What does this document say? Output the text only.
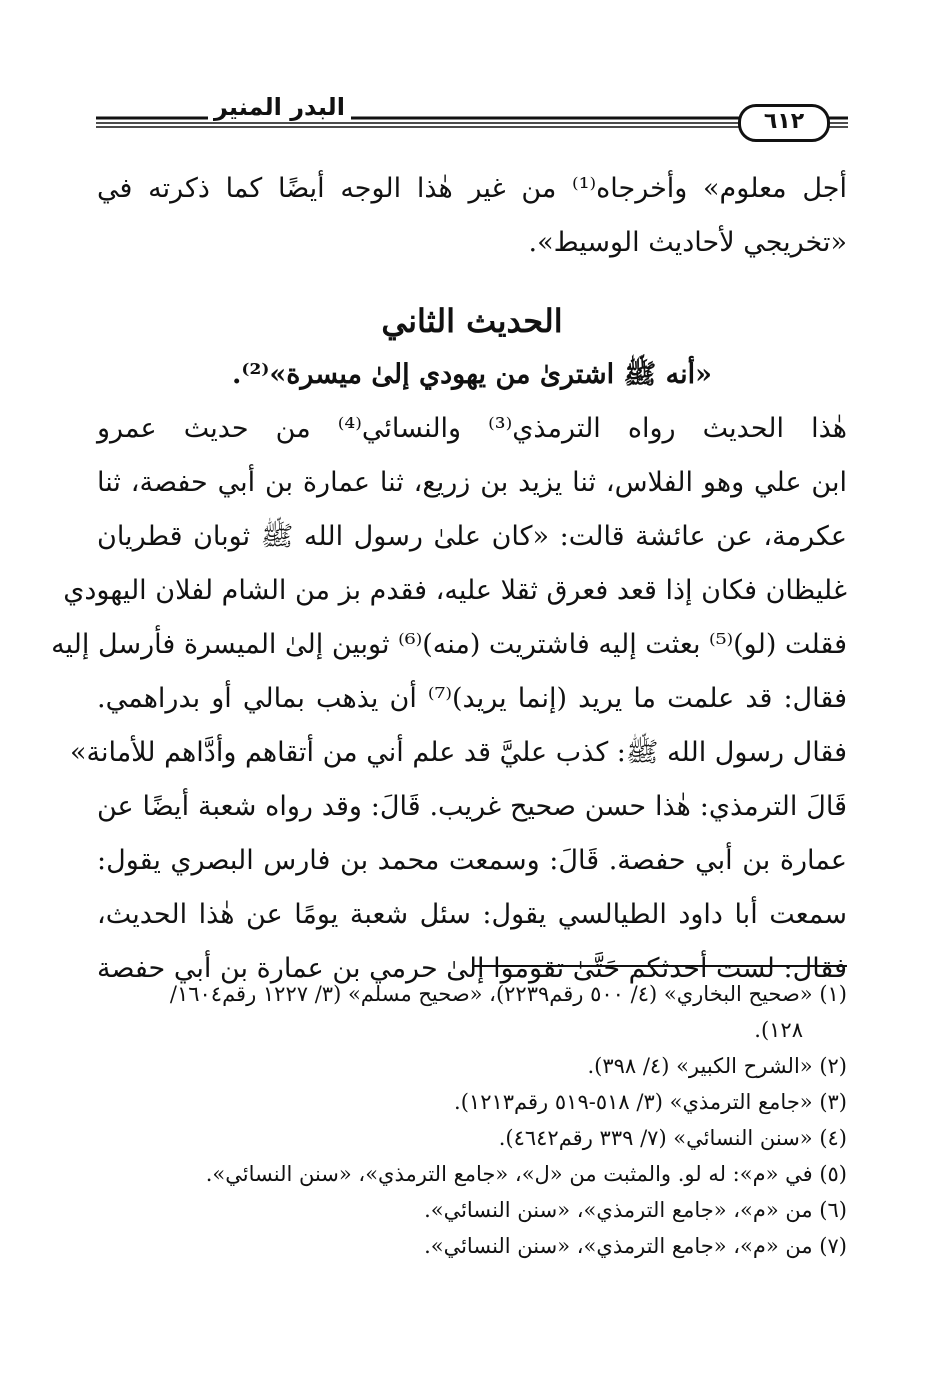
البدر المنير
٦١٢
أجل معلوم» وأخرجاه⁽¹⁾ من غير هٰذا الوجه أيضًا كما ذكرته في
«تخريجي لأحاديث الوسيط».
الحديث الثاني
«أنه ﷺ اشترىٰ من يهودي إلىٰ ميسرة»⁽²⁾.
هٰذا الحديث رواه الترمذي⁽³⁾ والنسائي⁽⁴⁾ من حديث عمرو
ابن علي وهو الفلاس، ثنا يزيد بن زريع، ثنا عمارة بن أبي حفصة، ثنا
عكرمة، عن عائشة قالت: «كان علىٰ رسول الله ﷺ ثوبان قطريان
غليظان فكان إذا قعد فعرق ثقلا عليه، فقدم بز من الشام لفلان اليهودي
فقلت (لو)⁽⁵⁾ بعثت إليه فاشتريت (منه)⁽⁶⁾ ثوبين إلىٰ الميسرة فأرسل إليه
فقال: قد علمت ما يريد (إنما يريد)⁽⁷⁾ أن يذهب بمالي أو بدراهمي.
فقال رسول الله ﷺ: كذب عليَّ قد علم أني من أتقاهم وأدَّاهم للأمانة»
قَالَ الترمذي: هٰذا حسن صحيح غريب. قَالَ: وقد رواه شعبة أيضًا عن
عمارة بن أبي حفصة. قَالَ: وسمعت محمد بن فارس البصري يقول:
سمعت أبا داود الطيالسي يقول: سئل شعبة يومًا عن هٰذا الحديث،
فقال: لست أحدثكم حَتَّىٰ تقوموا إلىٰ حرمي بن عمارة بن أبي حفصة
(١) «صحيح البخاري» (٤/ ٥٠٠ رقم٢٢٣٩)، «صحيح مسلم» (٣/ ١٢٢٧ رقم١٦٠٤/
١٢٨).
(٢) «الشرح الكبير» (٤/ ٣٩٨).
(٣) «جامع الترمذي» (٣/ ٥١٨-٥١٩ رقم١٢١٣).
(٤) «سنن النسائي» (٧/ ٣٣٩ رقم٤٦٤٢).
(٥) في «م»: له لو. والمثبت من «ل»، «جامع الترمذي»، «سنن النسائي».
(٦) من «م»، «جامع الترمذي»، «سنن النسائي».
(٧) من «م»، «جامع الترمذي»، «سنن النسائي».
